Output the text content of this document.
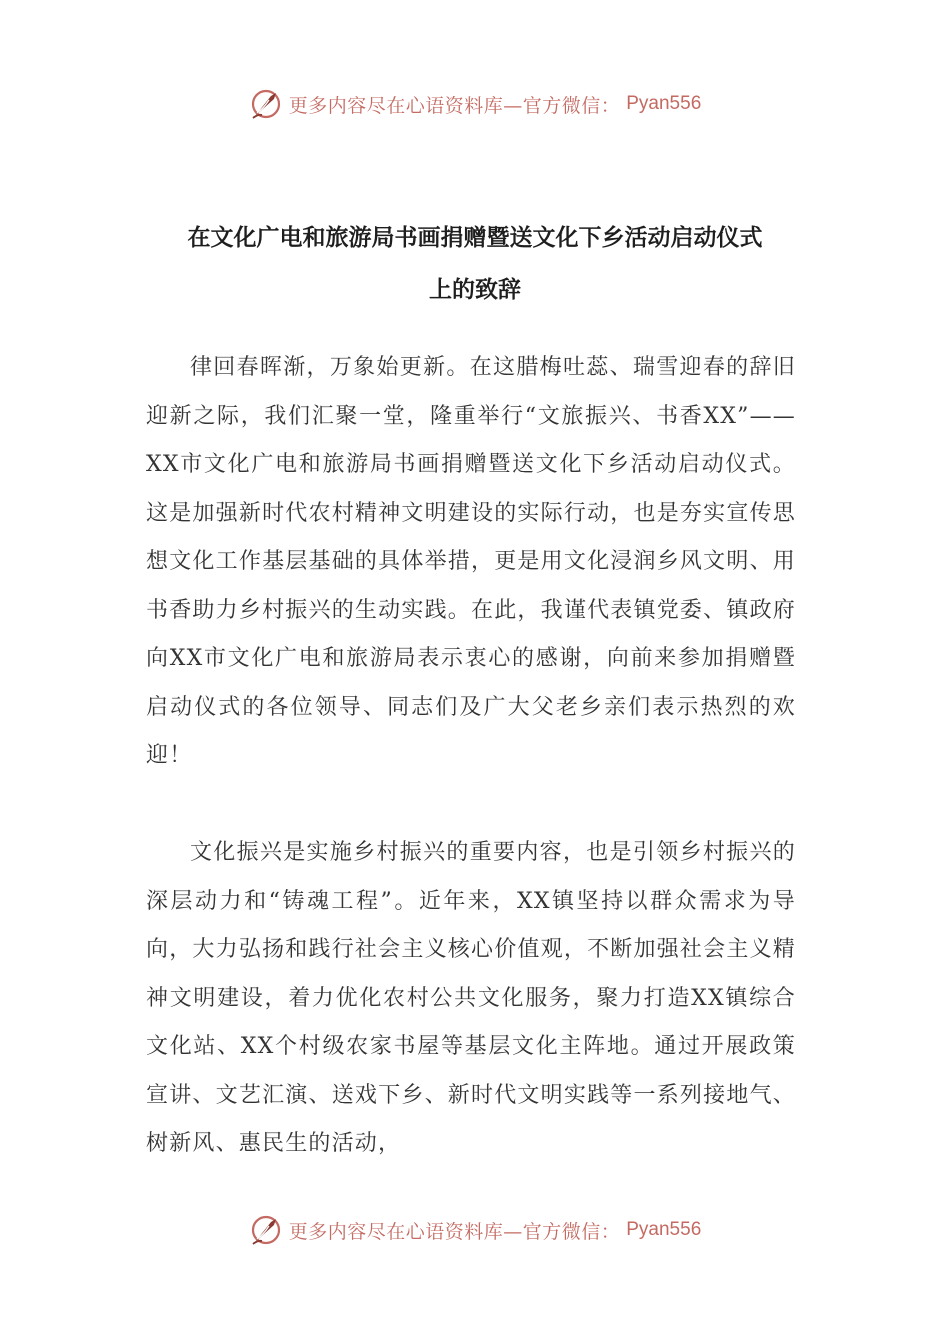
更多内容尽在心语资料库—官方微信： Pyan556
在文化广电和旅游局书画捐赠暨送文化下乡活动启动仪式
上的致辞

律回春晖渐，万象始更新。在这腊梅吐蕊、瑞雪迎春的辞旧迎新之际，我们汇聚一堂，隆重举行“文旅振兴、书香XX”——XX市文化广电和旅游局书画捐赠暨送文化下乡活动启动仪式。这是加强新时代农村精神文明建设的实际行动，也是夯实宣传思想文化工作基层基础的具体举措，更是用文化浸润乡风文明、用书香助力乡村振兴的生动实践。在此，我谨代表镇党委、镇政府向XX市文化广电和旅游局表示衷心的感谢，向前来参加捐赠暨启动仪式的各位领导、同志们及广大父老乡亲们表示热烈的欢迎！

文化振兴是实施乡村振兴的重要内容，也是引领乡村振兴的深层动力和“铸魂工程”。近年来，XX镇坚持以群众需求为导向，大力弘扬和践行社会主义核心价值观，不断加强社会主义精神文明建设，着力优化农村公共文化服务，聚力打造XX镇综合文化站、XX个村级农家书屋等基层文化主阵地。通过开展政策宣讲、文艺汇演、送戏下乡、新时代文明实践等一系列接地气、树新风、惠民生的活动，

更多内容尽在心语资料库—官方微信： Pyan556
